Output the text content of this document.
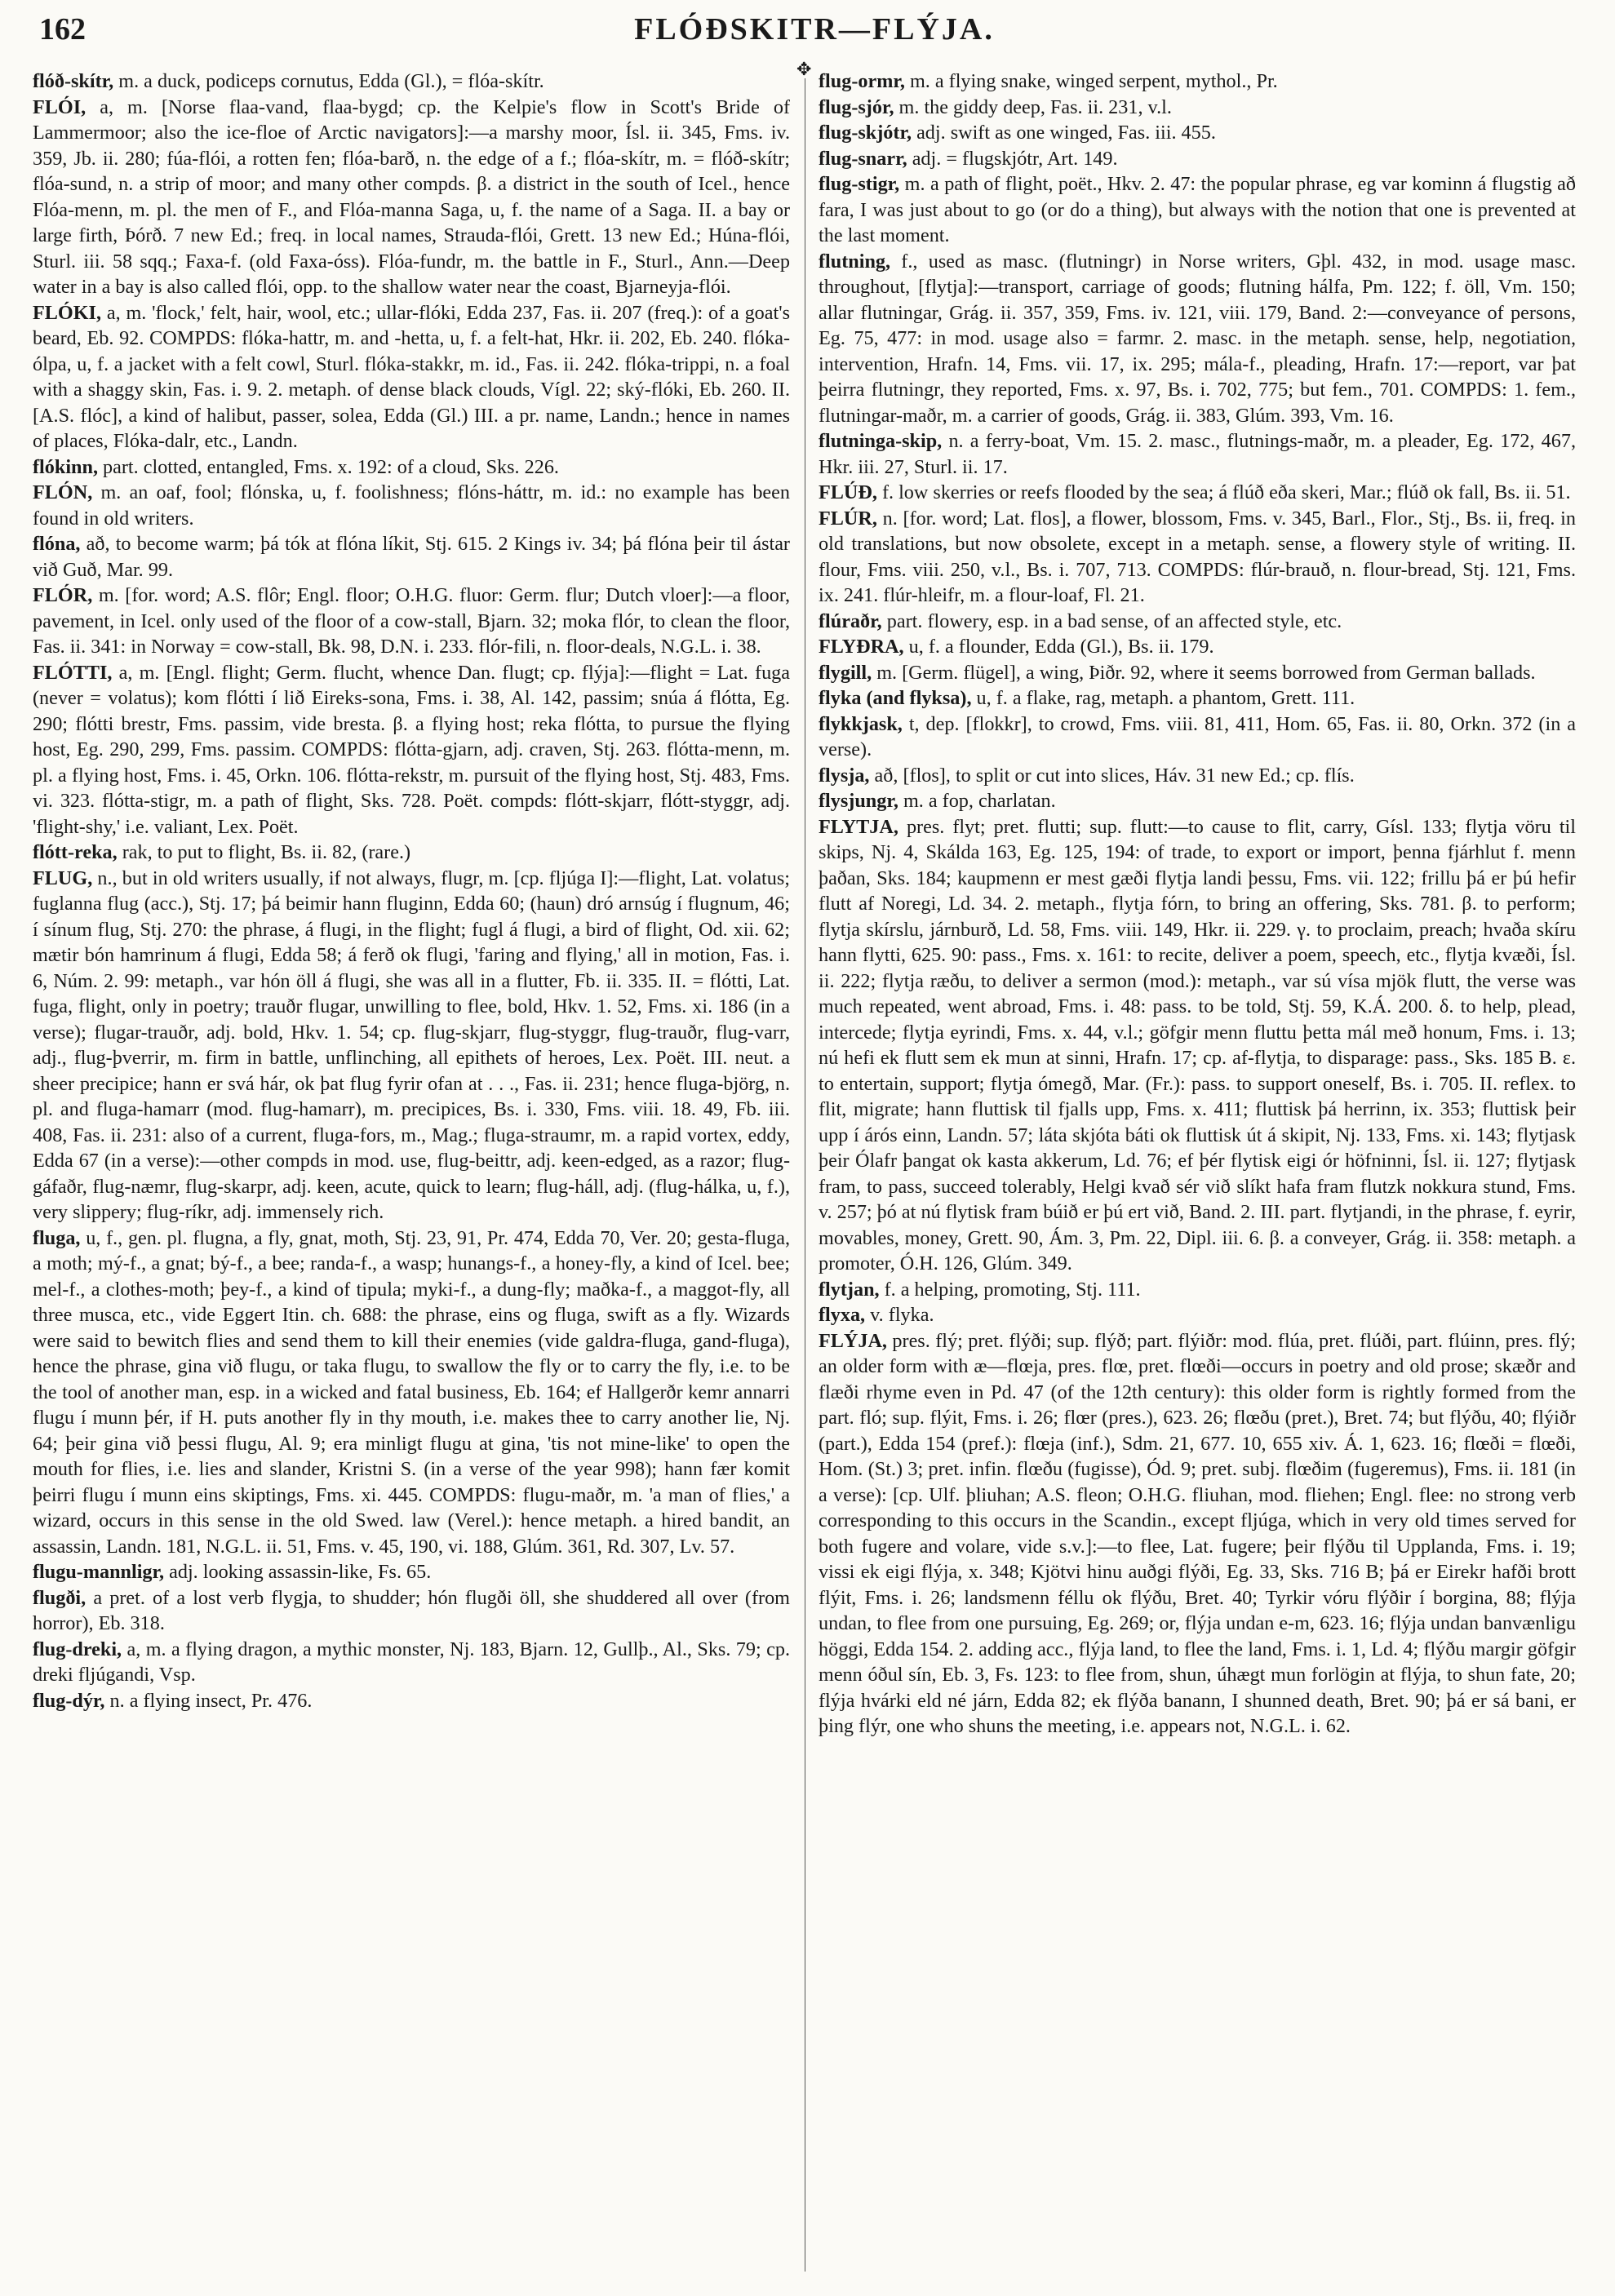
162	FLÓÐSKITR—FLÝJA.
✥

flóð-skítr, m. a duck, podiceps cornutus, Edda (Gl.), = flóa-skítr.

FLÓI, a, m. [Norse flaa-vand, flaa-bygd; cp. the Kelpie's flow in Scott's Bride of Lammermoor; also the ice-floe of Arctic navigators]:—a marshy moor, Ísl. ii. 345, Fms. iv. 359, Jb. ii. 280; fúa-flói, a rotten fen; flóa-barð, n. the edge of a f.; flóa-skítr, m. = flóð-skítr; flóa-sund, n. a strip of moor; and many other compds. β. a district in the south of Icel., hence Flóa-menn, m. pl. the men of F., and Flóa-manna Saga, u, f. the name of a Saga. II. a bay or large firth, Þórð. 7 new Ed.; freq. in local names, Strauda-flói, Grett. 13 new Ed.; Húna-flói, Sturl. iii. 58 sqq.; Faxa-f. (old Faxa-óss). Flóa-fundr, m. the battle in F., Sturl., Ann.—Deep water in a bay is also called flói, opp. to the shallow water near the coast, Bjarneyja-flói.

FLÓKI, a, m. 'flock,' felt, hair, wool, etc.; ullar-flóki, Edda 237, Fas. ii. 207 (freq.): of a goat's beard, Eb. 92. COMPDS: flóka-hattr, m. and -hetta, u, f. a felt-hat, Hkr. ii. 202, Eb. 240. flóka-ólpa, u, f. a jacket with a felt cowl, Sturl. flóka-stakkr, m. id., Fas. ii. 242. flóka-trippi, n. a foal with a shaggy skin, Fas. i. 9. 2. metaph. of dense black clouds, Vígl. 22; ský-flóki, Eb. 260. II. [A.S. flóc], a kind of halibut, passer, solea, Edda (Gl.) III. a pr. name, Landn.; hence in names of places, Flóka-dalr, etc., Landn.

flókinn, part. clotted, entangled, Fms. x. 192: of a cloud, Sks. 226.

FLÓN, m. an oaf, fool; flónska, u, f. foolishness; flóns-háttr, m. id.: no example has been found in old writers.

flóna, að, to become warm; þá tók at flóna líkit, Stj. 615. 2 Kings iv. 34; þá flóna þeir til ástar við Guð, Mar. 99.

FLÓR, m. [for. word; A.S. flôr; Engl. floor; O.H.G. fluor: Germ. flur; Dutch vloer]:—a floor, pavement, in Icel. only used of the floor of a cow-stall, Bjarn. 32; moka flór, to clean the floor, Fas. ii. 341: in Norway = cow-stall, Bk. 98, D.N. i. 233. flór-fili, n. floor-deals, N.G.L. i. 38.

FLÓTTI, a, m. [Engl. flight; Germ. flucht, whence Dan. flugt; cp. flýja]:—flight = Lat. fuga (never = volatus); kom flótti í lið Eireks-sona, Fms. i. 38, Al. 142, passim; snúa á flótta, Eg. 290; flótti brestr, Fms. passim, vide bresta. β. a flying host; reka flótta, to pursue the flying host, Eg. 290, 299, Fms. passim. COMPDS: flótta-gjarn, adj. craven, Stj. 263. flótta-menn, m. pl. a flying host, Fms. i. 45, Orkn. 106. flótta-rekstr, m. pursuit of the flying host, Stj. 483, Fms. vi. 323. flótta-stigr, m. a path of flight, Sks. 728. Poët. compds: flótt-skjarr, flótt-styggr, adj. 'flight-shy,' i.e. valiant, Lex. Poët.

flótt-reka, rak, to put to flight, Bs. ii. 82, (rare.)

FLUG, n., but in old writers usually, if not always, flugr, m. [cp. fljúga I]:—flight, Lat. volatus; fuglanna flug (acc.), Stj. 17; þá beimir hann fluginn, Edda 60; (haun) dró arnsúg í flugnum, 46; í sínum flug, Stj. 270: the phrase, á flugi, in the flight; fugl á flugi, a bird of flight, Od. xii. 62; mætir bón hamrinum á flugi, Edda 58; á ferð ok flugi, 'faring and flying,' all in motion, Fas. i. 6, Núm. 2. 99: metaph., var hón öll á flugi, she was all in a flutter, Fb. ii. 335. II. = flótti, Lat. fuga, flight, only in poetry; trauðr flugar, unwilling to flee, bold, Hkv. 1. 52, Fms. xi. 186 (in a verse); flugar-trauðr, adj. bold, Hkv. 1. 54; cp. flug-skjarr, flug-styggr, flug-trauðr, flug-varr, adj., flug-þverrir, m. firm in battle, unflinching, all epithets of heroes, Lex. Poët. III. neut. a sheer precipice; hann er svá hár, ok þat flug fyrir ofan at . . ., Fas. ii. 231; hence fluga-björg, n. pl. and fluga-hamarr (mod. flug-hamarr), m. precipices, Bs. i. 330, Fms. viii. 18. 49, Fb. iii. 408, Fas. ii. 231: also of a current, fluga-fors, m., Mag.; fluga-straumr, m. a rapid vortex, eddy, Edda 67 (in a verse):—other compds in mod. use, flug-beittr, adj. keen-edged, as a razor; flug-gáfaðr, flug-næmr, flug-skarpr, adj. keen, acute, quick to learn; flug-háll, adj. (flug-hálka, u, f.), very slippery; flug-ríkr, adj. immensely rich.

fluga, u, f., gen. pl. flugna, a fly, gnat, moth, Stj. 23, 91, Pr. 474, Edda 70, Ver. 20; gesta-fluga, a moth; mý-f., a gnat; bý-f., a bee; randa-f., a wasp; hunangs-f., a honey-fly, a kind of Icel. bee; mel-f., a clothes-moth; þey-f., a kind of tipula; myki-f., a dung-fly; maðka-f., a maggot-fly, all three musca, etc., vide Eggert Itin. ch. 688: the phrase, eins og fluga, swift as a fly. Wizards were said to bewitch flies and send them to kill their enemies (vide galdra-fluga, gand-fluga), hence the phrase, gina við flugu, or taka flugu, to swallow the fly or to carry the fly, i.e. to be the tool of another man, esp. in a wicked and fatal business, Eb. 164; ef Hallgerðr kemr annarri flugu í munn þér, if H. puts another fly in thy mouth, i.e. makes thee to carry another lie, Nj. 64; þeir gina við þessi flugu, Al. 9; era minligt flugu at gina, 'tis not mine-like' to open the mouth for flies, i.e. lies and slander, Kristni S. (in a verse of the year 998); hann fær komit þeirri flugu í munn eins skiptings, Fms. xi. 445. COMPDS: flugu-maðr, m. 'a man of flies,' a wizard, occurs in this sense in the old Swed. law (Verel.): hence metaph. a hired bandit, an assassin, Landn. 181, N.G.L. ii. 51, Fms. v. 45, 190, vi. 188, Glúm. 361, Rd. 307, Lv. 57.

flugu-mannligr, adj. looking assassin-like, Fs. 65.

flugði, a pret. of a lost verb flygja, to shudder; hón flugði öll, she shuddered all over (from horror), Eb. 318.

flug-dreki, a, m. a flying dragon, a mythic monster, Nj. 183, Bjarn. 12, Gullþ., Al., Sks. 79; cp. dreki fljúgandi, Vsp.

flug-dýr, n. a flying insect, Pr. 476.

flug-ormr, m. a flying snake, winged serpent, mythol., Pr.

flug-sjór, m. the giddy deep, Fas. ii. 231, v.l.

flug-skjótr, adj. swift as one winged, Fas. iii. 455.

flug-snarr, adj. = flugskjótr, Art. 149.

flug-stigr, m. a path of flight, poët., Hkv. 2. 47: the popular phrase, eg var kominn á flugstig að fara, I was just about to go (or do a thing), but always with the notion that one is prevented at the last moment.

flutning, f., used as masc. (flutningr) in Norse writers, Gþl. 432, in mod. usage masc. throughout, [flytja]:—transport, carriage of goods; flutning hálfa, Pm. 122; f. öll, Vm. 150; allar flutningar, Grág. ii. 357, 359, Fms. iv. 121, viii. 179, Band. 2:—conveyance of persons, Eg. 75, 477: in mod. usage also = farmr. 2. masc. in the metaph. sense, help, negotiation, intervention, Hrafn. 14, Fms. vii. 17, ix. 295; mála-f., pleading, Hrafn. 17:—report, var þat þeirra flutningr, they reported, Fms. x. 97, Bs. i. 702, 775; but fem., 701. COMPDS: 1. fem., flutningar-maðr, m. a carrier of goods, Grág. ii. 383, Glúm. 393, Vm. 16.

flutninga-skip, n. a ferry-boat, Vm. 15. 2. masc., flutnings-maðr, m. a pleader, Eg. 172, 467, Hkr. iii. 27, Sturl. ii. 17.

FLÚÐ, f. low skerries or reefs flooded by the sea; á flúð eða skeri, Mar.; flúð ok fall, Bs. ii. 51.

FLÚR, n. [for. word; Lat. flos], a flower, blossom, Fms. v. 345, Barl., Flor., Stj., Bs. ii, freq. in old translations, but now obsolete, except in a metaph. sense, a flowery style of writing. II. flour, Fms. viii. 250, v.l., Bs. i. 707, 713. COMPDS: flúr-brauð, n. flour-bread, Stj. 121, Fms. ix. 241. flúr-hleifr, m. a flour-loaf, Fl. 21.

flúraðr, part. flowery, esp. in a bad sense, of an affected style, etc.

FLYÐRA, u, f. a flounder, Edda (Gl.), Bs. ii. 179.

flygill, m. [Germ. flügel], a wing, Þiðr. 92, where it seems borrowed from German ballads.

flyka (and flyksa), u, f. a flake, rag, metaph. a phantom, Grett. 111.

flykkjask, t, dep. [flokkr], to crowd, Fms. viii. 81, 411, Hom. 65, Fas. ii. 80, Orkn. 372 (in a verse).

flysja, að, [flos], to split or cut into slices, Háv. 31 new Ed.; cp. flís.

flysjungr, m. a fop, charlatan.

FLYTJA, pres. flyt; pret. flutti; sup. flutt:—to cause to flit, carry, Gísl. 133; flytja vöru til skips, Nj. 4, Skálda 163, Eg. 125, 194: of trade, to export or import, þenna fjárhlut f. menn þaðan, Sks. 184; kaupmenn er mest gæði flytja landi þessu, Fms. vii. 122; frillu þá er þú hefir flutt af Noregi, Ld. 34. 2. metaph., flytja fórn, to bring an offering, Sks. 781. β. to perform; flytja skírslu, járnburð, Ld. 58, Fms. viii. 149, Hkr. ii. 229. γ. to proclaim, preach; hvaða skíru hann flytti, 625. 90: pass., Fms. x. 161: to recite, deliver a poem, speech, etc., flytja kvæði, Ísl. ii. 222; flytja ræðu, to deliver a sermon (mod.): metaph., var sú vísa mjök flutt, the verse was much repeated, went abroad, Fms. i. 48: pass. to be told, Stj. 59, K.Á. 200. δ. to help, plead, intercede; flytja eyrindi, Fms. x. 44, v.l.; göfgir menn fluttu þetta mál með honum, Fms. i. 13; nú hefi ek flutt sem ek mun at sinni, Hrafn. 17; cp. af-flytja, to disparage: pass., Sks. 185 B. ε. to entertain, support; flytja ómegð, Mar. (Fr.): pass. to support oneself, Bs. i. 705. II. reflex. to flit, migrate; hann fluttisk til fjalls upp, Fms. x. 411; fluttisk þá herrinn, ix. 353; fluttisk þeir upp í árós einn, Landn. 57; láta skjóta báti ok fluttisk út á skipit, Nj. 133, Fms. xi. 143; flytjask þeir Ólafr þangat ok kasta akkerum, Ld. 76; ef þér flytisk eigi ór höfninni, Ísl. ii. 127; flytjask fram, to pass, succeed tolerably, Helgi kvað sér við slíkt hafa fram flutzk nokkura stund, Fms. v. 257; þó at nú flytisk fram búið er þú ert við, Band. 2. III. part. flytjandi, in the phrase, f. eyrir, movables, money, Grett. 90, Ám. 3, Pm. 22, Dipl. iii. 6. β. a conveyer, Grág. ii. 358: metaph. a promoter, Ó.H. 126, Glúm. 349.

flytjan, f. a helping, promoting, Stj. 111.

flyxa, v. flyka.

FLÝJA, pres. flý; pret. flýði; sup. flýð; part. flýiðr: mod. flúa, pret. flúði, part. flúinn, pres. flý; an older form with æ—flœja, pres. flœ, pret. flœði—occurs in poetry and old prose; skæðr and flæði rhyme even in Pd. 47 (of the 12th century): this older form is rightly formed from the part. fló; sup. flýit, Fms. i. 26; flœr (pres.), 623. 26; flœðu (pret.), Bret. 74; but flýðu, 40; flýiðr (part.), Edda 154 (pref.): flœja (inf.), Sdm. 21, 677. 10, 655 xiv. Á. 1, 623. 16; flœði = flœði, Hom. (St.) 3; pret. infin. flœðu (fugisse), Ód. 9; pret. subj. flœðim (fugeremus), Fms. ii. 181 (in a verse): [cp. Ulf. þliuhan; A.S. fleon; O.H.G. fliuhan, mod. fliehen; Engl. flee: no strong verb corresponding to this occurs in the Scandin., except fljúga, which in very old times served for both fugere and volare, vide s.v.]:—to flee, Lat. fugere; þeir flýðu til Upplanda, Fms. i. 19; vissi ek eigi flýja, x. 348; Kjötvi hinu auðgi flýði, Eg. 33, Sks. 716 B; þá er Eirekr hafði brott flýit, Fms. i. 26; landsmenn féllu ok flýðu, Bret. 40; Tyrkir vóru flýðir í borgina, 88; flýja undan, to flee from one pursuing, Eg. 269; or, flýja undan e-m, 623. 16; flýja undan banvænligu höggi, Edda 154. 2. adding acc., flýja land, to flee the land, Fms. i. 1, Ld. 4; flýðu margir göfgir menn óðul sín, Eb. 3, Fs. 123: to flee from, shun, úhægt mun forlögin at flýja, to shun fate, 20; flýja hvárki eld né járn, Edda 82; ek flýða banann, I shunned death, Bret. 90; þá er sá bani, er þing flýr, one who shuns the meeting, i.e. appears not, N.G.L. i. 62.
